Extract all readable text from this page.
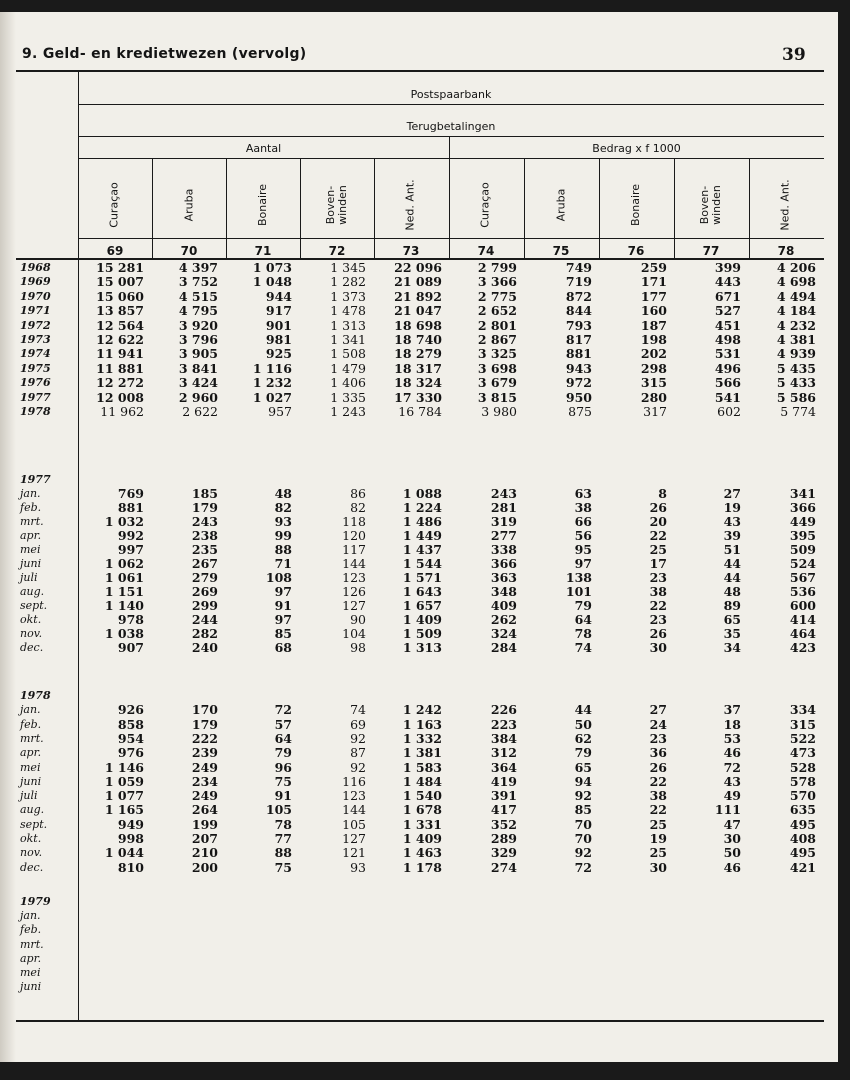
9. Geld- en kredietwezen (vervolg)	39
Postspaarbank
Terugbetalingen
Aantal	Bedrag x f 1000
Curaçao	Aruba	Bonaire	Boven-
winden	Ned. Ant.	Curaçao	Aruba	Bonaire	Boven-
winden	Ned. Ant.
69	70	71	72	73	74	75	76	77	78
1968	15 281	4 397	1 073	1 345	22 096	2 799	749	259	399	4 206
1969	15 007	3 752	1 048	1 282	21 089	3 366	719	171	443	4 698
1970	15 060	4 515	944	1 373	21 892	2 775	872	177	671	4 494
1971	13 857	4 795	917	1 478	21 047	2 652	844	160	527	4 184
1972	12 564	3 920	901	1 313	18 698	2 801	793	187	451	4 232
1973	12 622	3 796	981	1 341	18 740	2 867	817	198	498	4 381
1974	11 941	3 905	925	1 508	18 279	3 325	881	202	531	4 939
1975	11 881	3 841	1 116	1 479	18 317	3 698	943	298	496	5 435
1976	12 272	3 424	1 232	1 406	18 324	3 679	972	315	566	5 433
1977	12 008	2 960	1 027	1 335	17 330	3 815	950	280	541	5 586
1978	11 962	2 622	957	1 243	16 784	3 980	875	317	602	5 774
1977
jan.	769	185	48	86	1 088	243	63	8	27	341
feb.	881	179	82	82	1 224	281	38	26	19	366
mrt.	1 032	243	93	118	1 486	319	66	20	43	449
apr.	992	238	99	120	1 449	277	56	22	39	395
mei	997	235	88	117	1 437	338	95	25	51	509
juni	1 062	267	71	144	1 544	366	97	17	44	524
juli	1 061	279	108	123	1 571	363	138	23	44	567
aug.	1 151	269	97	126	1 643	348	101	38	48	536
sept.	1 140	299	91	127	1 657	409	79	22	89	600
okt.	978	244	97	90	1 409	262	64	23	65	414
nov.	1 038	282	85	104	1 509	324	78	26	35	464
dec.	907	240	68	98	1 313	284	74	30	34	423
1978
jan.	926	170	72	74	1 242	226	44	27	37	334
feb.	858	179	57	69	1 163	223	50	24	18	315
mrt.	954	222	64	92	1 332	384	62	23	53	522
apr.	976	239	79	87	1 381	312	79	36	46	473
mei	1 146	249	96	92	1 583	364	65	26	72	528
juni	1 059	234	75	116	1 484	419	94	22	43	578
juli	1 077	249	91	123	1 540	391	92	38	49	570
aug.	1 165	264	105	144	1 678	417	85	22	111	635
sept.	949	199	78	105	1 331	352	70	25	47	495
okt.	998	207	77	127	1 409	289	70	19	30	408
nov.	1 044	210	88	121	1 463	329	92	25	50	495
dec.	810	200	75	93	1 178	274	72	30	46	421
1979
jan.
feb.
mrt.
apr.
mei
juni
